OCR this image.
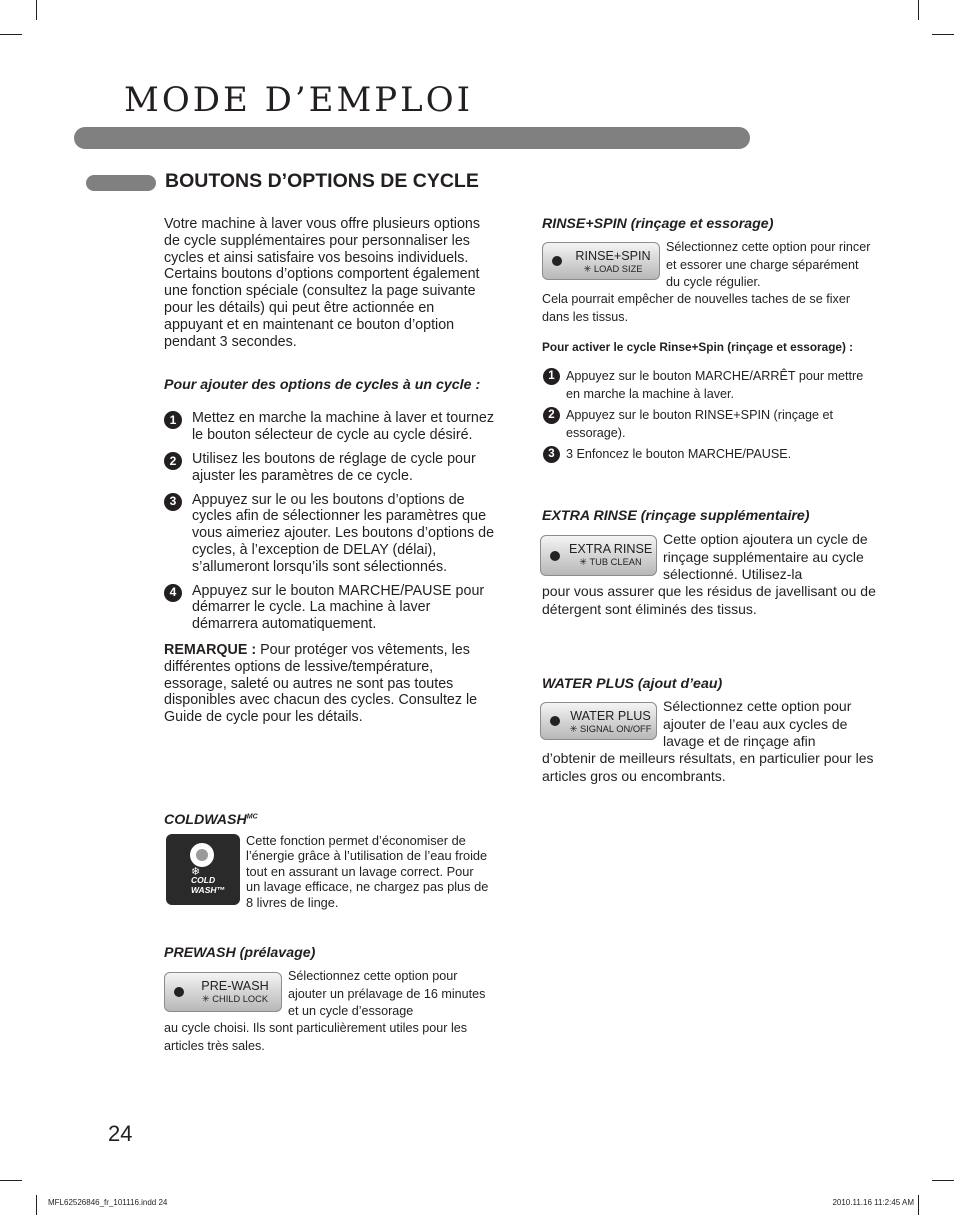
MODE D’EMPLOI
BOUTONS D’OPTIONS DE CYCLE

Votre machine à laver vous offre plusieurs options de cycle supplémentaires pour personnaliser les cycles et ainsi satisfaire vos besoins individuels. Certains boutons d’options comportent également une fonction spéciale (consultez la page suivante pour les détails) qui peut être actionnée en appuyant et en maintenant ce bouton d’option pendant 3 secondes.

Pour ajouter des options de cycles à un cycle :

1	Mettez en marche la machine à laver et tournez le bouton sélecteur de cycle au cycle désiré.
2	Utilisez les boutons de réglage de cycle pour ajuster les paramètres de ce cycle.
3	Appuyez sur le ou les boutons d’options de cycles afin de sélectionner les paramètres que vous aimeriez ajouter. Les boutons d’options de cycles, à l’exception de DELAY (délai), s’allumeront lorsqu’ils sont sélectionnés.
4	Appuyez sur le bouton MARCHE/PAUSE pour démarrer le cycle. La machine à laver démarrera automatiquement.

REMARQUE : Pour protéger vos vêtements, les différentes options de lessive/température, essorage, saleté ou autres ne sont pas toutes disponibles avec chacun des cycles. Consultez le Guide de cycle pour les détails.

$COLDWASH^{MC}$
❄
COLD
WASH™

Cette fonction permet d’économiser de l’énergie grâce à l’utilisation de l’eau froide tout en assurant un lavage correct. Pour un lavage efficace, ne chargez pas plus de 8 livres de linge.

PREWASH (prélavage)

PRE-WASH
✳ CHILD LOCK

Sélectionnez cette option pour ajouter un prélavage de 16 minutes et un cycle d’essorage

au cycle choisi. Ils sont particulièrement utiles pour les articles très sales.

RINSE+SPIN (rinçage et essorage)

RINSE+SPIN
✳ LOAD SIZE

Sélectionnez cette option pour rincer et essorer une charge séparément du cycle régulier.

Cela pourrait empêcher de nouvelles taches de se fixer dans les tissus.

Pour activer le cycle Rinse+Spin (rinçage et essorage) :

1 Appuyez sur le bouton MARCHE/ARRÊT pour mettre en marche la machine à laver.
2 Appuyez sur le bouton RINSE+SPIN (rinçage et essorage).
3 3 Enfoncez le bouton MARCHE/PAUSE.

EXTRA RINSE (rinçage supplémentaire)

EXTRA RINSE
✳ TUB CLEAN

Cette option ajoutera un cycle de rinçage supplémentaire au cycle sélectionné. Utilisez-la

pour vous assurer que les résidus de javellisant ou de détergent sont éliminés des tissus.

WATER PLUS (ajout d’eau)

WATER PLUS
✳ SIGNAL ON/OFF

Sélectionnez cette option pour ajouter de l’eau aux cycles de lavage et de rinçage afin

d’obtenir de meilleurs résultats, en particulier pour les articles gros ou encombrants.

24
MFL62526846_fr_101116.indd 24	2010.11.16 11:2:45 AM
